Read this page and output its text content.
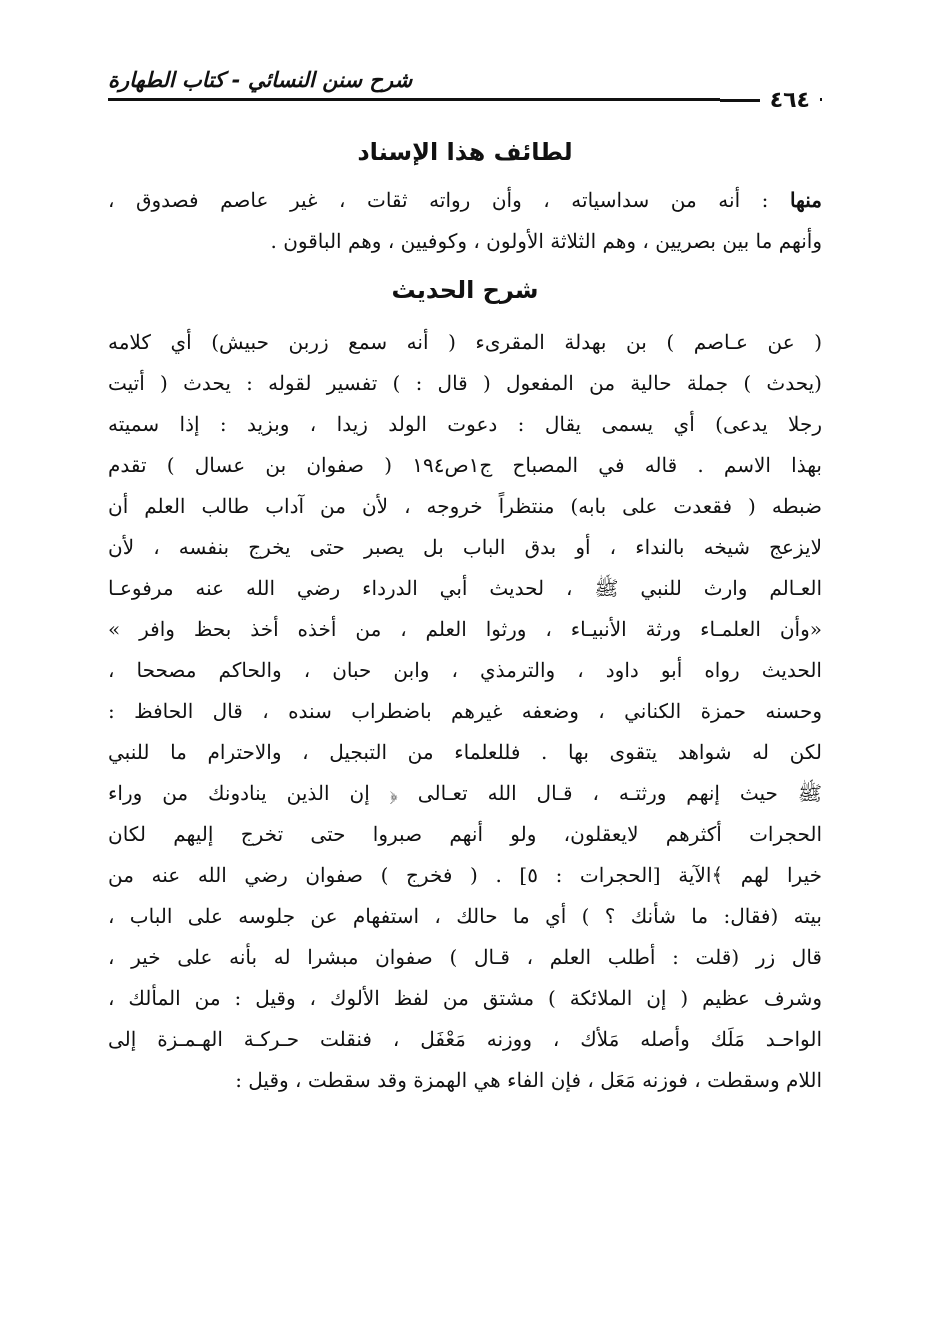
شرح سنن النسائي - كتاب الطهارة
٤٦٤
لطائف هذا الإسناد

منها : أنه من سداسياته ، وأن رواته ثقات ، غير عاصم فصدوق ،
وأنهم ما بين بصريين ، وهم الثلاثة الأولون ، وكوفيين ، وهم الباقون .

شرح الحديث

( عن عـاصم ) بن بهدلة المقرىء ( أنه سمع زربن حبيش) أي كلامه
(يحدث ) جملة حالية من المفعول ( قال : ) تفسير لقوله : يحدث ( أتيت
رجلا يدعى) أي يسمى يقال : دعوت الولد زيدا ، وبزيد : إذا سميته
بهذا الاسم . قاله في المصباح ج١ص١٩٤ ( صفوان بن عسال ) تقدم
ضبطه ( فقعدت على بابه) منتظراً خروجه ، لأن من آداب طالب العلم أن
لايزعج شيخه بالنداء ، أو بدق الباب بل يصبر حتى يخرج بنفسه ، لأن
العـالم وارث للنبي ﷺ ، لحديث أبي الدرداء رضي الله عنه مرفوعـا
«وأن العلمـاء ورثة الأنبيـاء ، ورثوا العلم ، من أخذه أخذ بحظ وافر »
الحديث رواه أبو داود ، والترمذي ، وابن حبان ، والحاكم مصححا ،
وحسنه حمزة الكناني ، وضعفه غيرهم باضطراب سنده ، قال الحافظ :
لكن له شواهد يتقوى بها . فللعلماء من التبجيل ، والاحترام ما للنبي
ﷺ حيث إنهم ورثتـه ، قـال الله تعـالى ﴿ إن الذين ينادونك من وراء
الحجرات أكثرهم لايعقلون، ولو أنهم صبروا حتى تخرج إليهم لكان
خيرا لهم ﴾الآية [الحجرات : ٥] . ( فخرج ) صفوان رضي الله عنه من
بيته (فقال: ما شأنك ؟ ) أي ما حالك ، استفهام عن جلوسه على الباب ،
قال زر (قلت : أطلب العلم ، قـال ) صفوان مبشرا له بأنه على خير ،
وشرف عظيم ( إن الملائكة ) مشتق من لفظ الألوك ، وقيل : من المألك ،
الواحـد مَلَك وأصله مَلأك ، ووزنه مَعْفَل ، فنقلت حـركـة الهـمـزة إلى
اللام وسقطت ، فوزنه مَعَل ، فإن الفاء هي الهمزة وقد سقطت ، وقيل :
